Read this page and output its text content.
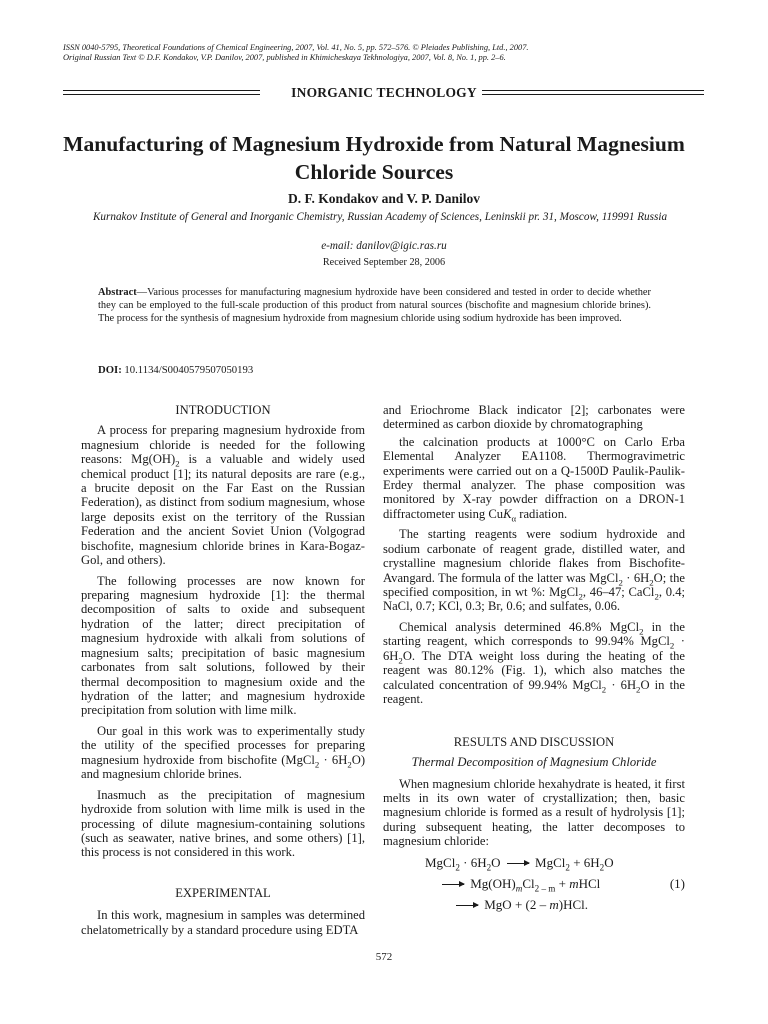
ISSN 0040-5795, Theoretical Foundations of Chemical Engineering, 2007, Vol. 41, No. 5, pp. 572–576. © Pleiades Publishing, Ltd., 2007.
Original Russian Text © D.F. Kondakov, V.P. Danilov, 2007, published in Khimicheskaya Tekhnologiya, 2007, Vol. 8, No. 1, pp. 2–6.
INORGANIC TECHNOLOGY
Manufacturing of Magnesium Hydroxide from Natural Magnesium Chloride Sources
D. F. Kondakov and V. P. Danilov
Kurnakov Institute of General and Inorganic Chemistry, Russian Academy of Sciences, Leninskii pr. 31, Moscow, 119991 Russia
e-mail: danilov@igic.ras.ru
Received September 28, 2006

Abstract—Various processes for manufacturing magnesium hydroxide have been considered and tested in order to decide whether they can be employed to the full-scale production of this product from natural sources (bischofite and magnesium chloride brines). The process for the synthesis of magnesium hydroxide from magnesium chloride using sodium hydroxide has been improved.

DOI: 10.1134/S0040579507050193
INTRODUCTION

A process for preparing magnesium hydroxide from magnesium chloride is needed for the following reasons: $Mg(OH)_2$ is a valuable and widely used chemical product [1]; its natural deposits are rare (e.g., a brucite deposit on the Far East on the Russian Federation), as distinct from sodium magnesium, whose large deposits exist on the territory of the Russian Federation and the ancient Soviet Union (Volgograd bischofite, magnesium chloride brines in Kara-Bogaz-Gol, and others).

The following processes are now known for preparing magnesium hydroxide [1]: the thermal decomposition of salts to oxide and subsequent hydration of the latter; direct precipitation of magnesium hydroxide with alkali from solutions of magnesium salts; precipitation of basic magnesium carbonates from salt solutions, followed by their thermal decomposition to magnesium oxide and the hydration of the latter; and magnesium hydroxide precipitation from solution with lime milk.

Our goal in this work was to experimentally study the utility of the specified processes for preparing magnesium hydroxide from bischofite (MgCl$_2$ · $6H_2O$) and magnesium chloride brines.

Inasmuch as the precipitation of magnesium hydroxide from solution with lime milk is used in the processing of dilute magnesium-containing solutions (such as seawater, native brines, and some others) [1], this process is not considered in this work.

EXPERIMENTAL

In this work, magnesium in samples was determined chelatometrically by a standard procedure using EDTA

and Eriochrome Black indicator [2]; carbonates were determined as carbon dioxide by chromatographing

the calcination products at 1000°C on Carlo Erba Elemental Analyzer EA1108. Thermogravimetric experiments were carried out on a Q-1500D Paulik-Paulik-Erdey thermal analyzer. The phase composition was monitored by X-ray powder diffraction on a DRON-1 diffractometer using CuK$_\alpha$ radiation.

The starting reagents were sodium hydroxide and sodium carbonate of reagent grade, distilled water, and crystalline magnesium chloride flakes from Bischofite-Avangard. The formula of the latter was MgCl$_2$ · $6H_2O$; the specified composition, in wt %: MgCl$_2$, 46–47; CaCl$_2$, 0.4; NaCl, 0.7; KCl, 0.3; Br, 0.6; and sulfates, 0.06.

Chemical analysis determined 46.8% MgCl$_2$ in the starting reagent, which corresponds to 99.94% MgCl$_2$ · $6H_2O$. The DTA weight loss during the heating of the reagent was 80.12% (Fig. 1), which also matches the calculated concentration of 99.94% MgCl$_2$ · $6H_2O$ in the reagent.

RESULTS AND DISCUSSION
Thermal Decomposition of Magnesium Chloride

When magnesium chloride hexahydrate is heated, it first melts in its own water of crystallization; then, basic magnesium chloride is formed as a result of hydrolysis [1]; during subsequent heating, the latter decomposes to magnesium chloride:

MgCl$_2$ · $6H_2O$ → MgCl$_2$ + $6H_2O$
→ $Mg(OH)_mCl_{2 - m}$ + mHCl
→ MgO + (2 – m)HCl.
(1)
572
